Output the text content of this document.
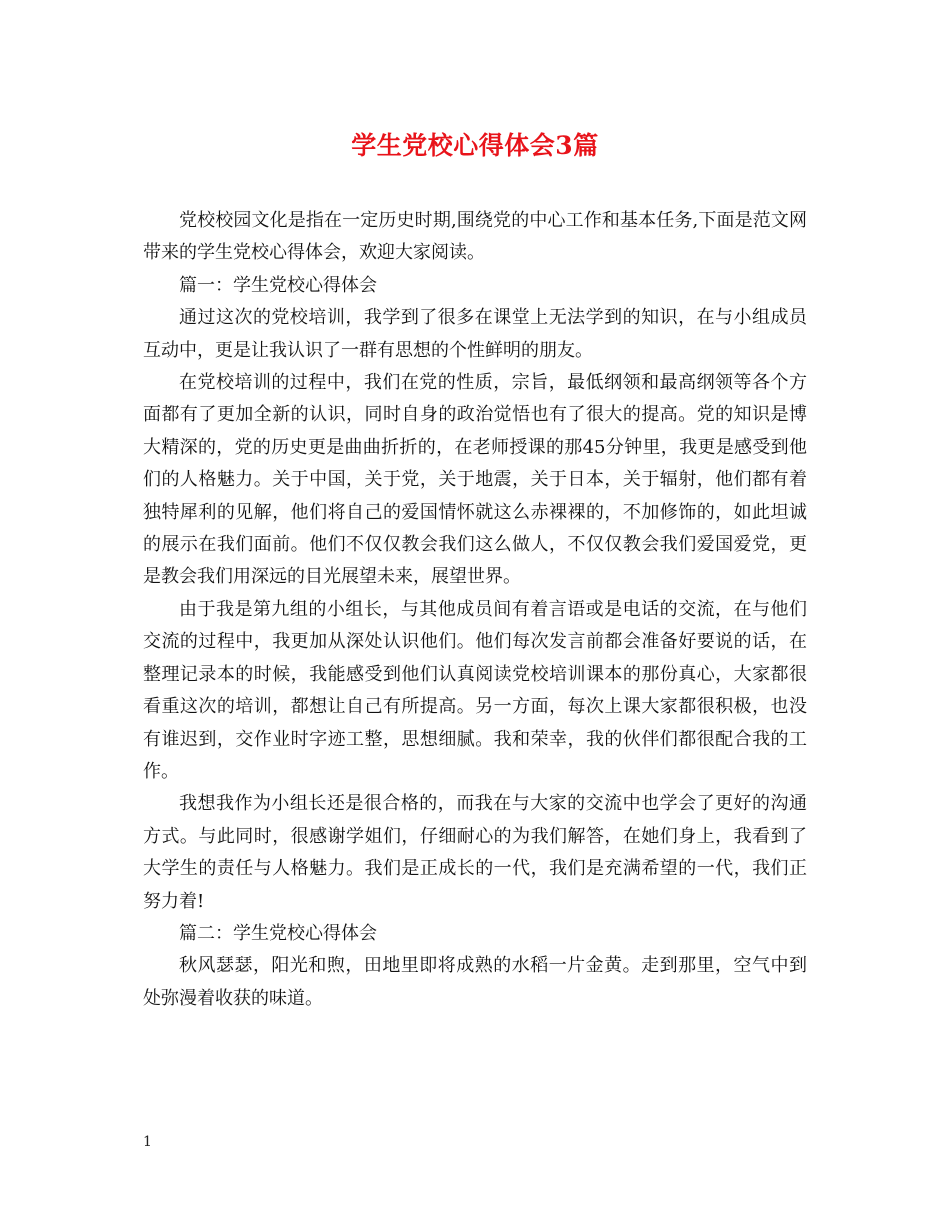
学生党校心得体会3篇

党校校园文化是指在一定历史时期,围绕党的中心工作和基本任务,下面是范文网带来的学生党校心得体会，欢迎大家阅读。

篇一：学生党校心得体会

通过这次的党校培训，我学到了很多在课堂上无法学到的知识，在与小组成员互动中，更是让我认识了一群有思想的个性鲜明的朋友。

在党校培训的过程中，我们在党的性质，宗旨，最低纲领和最高纲领等各个方面都有了更加全新的认识，同时自身的政治觉悟也有了很大的提高。党的知识是博大精深的，党的历史更是曲曲折折的，在老师授课的那45分钟里，我更是感受到他们的人格魅力。关于中国，关于党，关于地震，关于日本，关于辐射，他们都有着独特犀利的见解，他们将自己的爱国情怀就这么赤裸裸的，不加修饰的，如此坦诚的展示在我们面前。他们不仅仅教会我们这么做人，不仅仅教会我们爱国爱党，更是教会我们用深远的目光展望未来，展望世界。

由于我是第九组的小组长，与其他成员间有着言语或是电话的交流，在与他们交流的过程中，我更加从深处认识他们。他们每次发言前都会准备好要说的话，在整理记录本的时候，我能感受到他们认真阅读党校培训课本的那份真心，大家都很看重这次的培训，都想让自己有所提高。另一方面，每次上课大家都很积极，也没有谁迟到，交作业时字迹工整，思想细腻。我和荣幸，我的伙伴们都很配合我的工作。

我想我作为小组长还是很合格的，而我在与大家的交流中也学会了更好的沟通方式。与此同时，很感谢学姐们，仔细耐心的为我们解答，在她们身上，我看到了大学生的责任与人格魅力。我们是正成长的一代，我们是充满希望的一代，我们正努力着!

篇二：学生党校心得体会

秋风瑟瑟，阳光和煦，田地里即将成熟的水稻一片金黄。走到那里，空气中到处弥漫着收获的味道。

1
